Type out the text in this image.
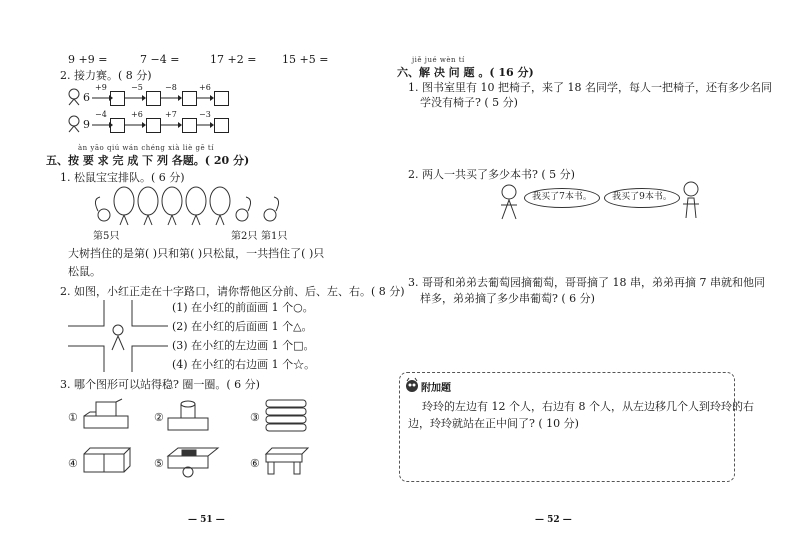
9 +9 =	7 −4 =	17 +2 = 15 +5 =
2. 接力赛。( 8 分)
6
+9	−5	−8	+6
9
−4	+6	+7	−3
àn yāo qiú wán chéng xià liè gē tí
五、按 要 求 完 成 下 列 各题。( 20 分)
1. 松鼠宝宝排队。( 6 分)
第5只	第2只 第1只
大树挡住的是第( )只和第( )只松鼠，一共挡住了( )只
松鼠。
2. 如图，小红正走在十字路口，请你帮他区分前、后、左、右。( 8 分)
(1) 在小红的前面画 1 个○。
(2) 在小红的后面画 1 个△。
(3) 在小红的左边画 1 个□。
(4) 在小红的右边画 1 个☆。
3. 哪个图形可以站得稳? 圈一圈。( 6 分)
①	②	③
④	⑤	⑥
— 51 —
jiě jué wèn tí
六、解 决 问 题 。( 16 分)
1. 图书室里有 10 把椅子，来了 18 名同学，每人一把椅子，还有多少名同
学没有椅子? ( 5 分)
2. 两人一共买了多少本书? ( 5 分)
我买了7本书。	我买了9本书。
3. 哥哥和弟弟去葡萄园摘葡萄，哥哥摘了 18 串，弟弟再摘 7 串就和他同
样多，弟弟摘了多少串葡萄? ( 6 分)
附加题
玲玲的左边有 12 个人，右边有 8 个人，从左边移几个人到玲玲的右
边，玲玲就站在正中间了? ( 10 分)
— 52 —
